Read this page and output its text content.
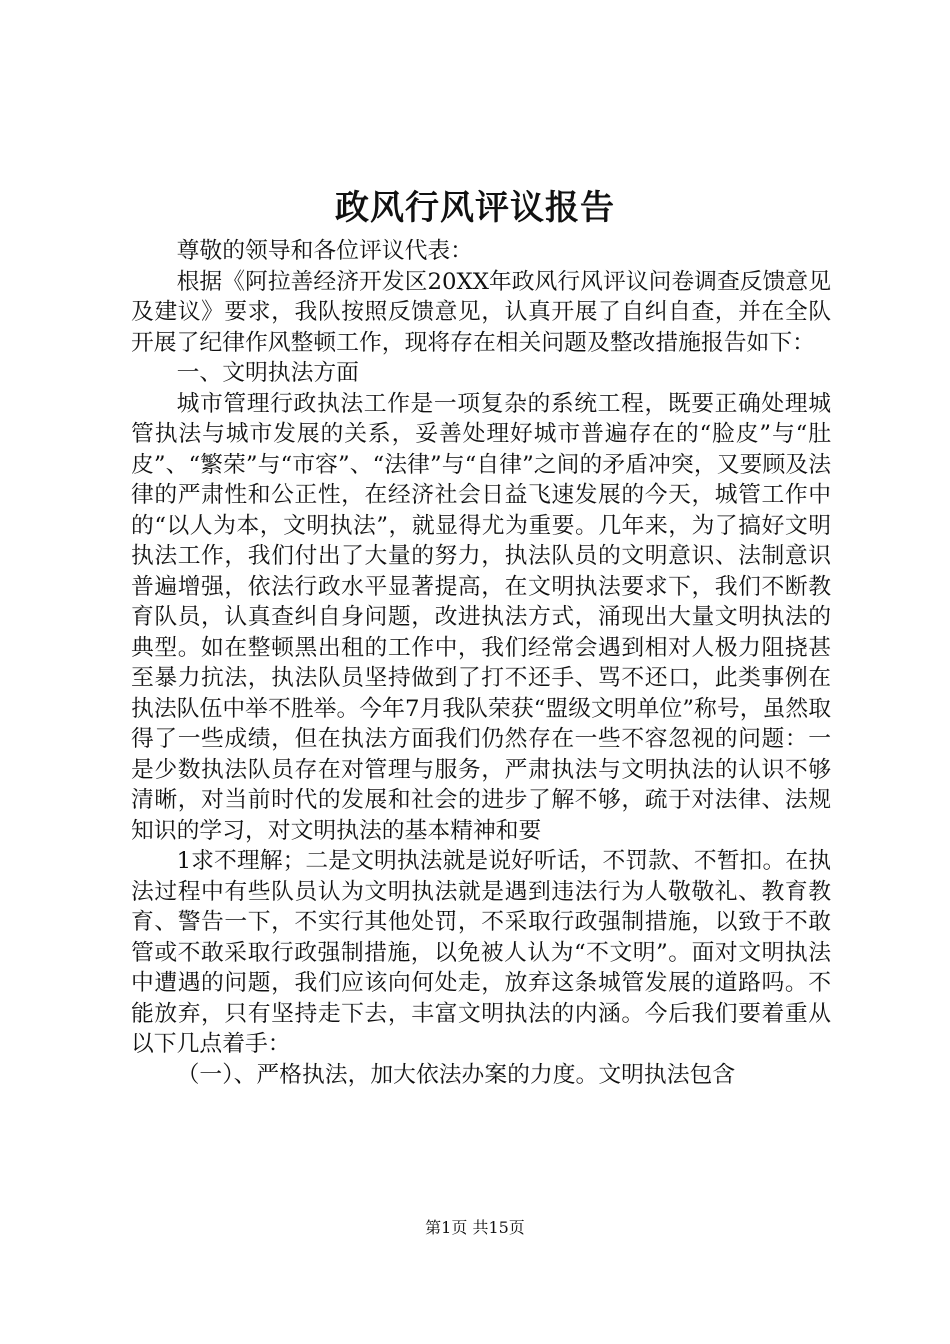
政风行风评议报告

尊敬的领导和各位评议代表：

根据《阿拉善经济开发区20XX年政风行风评议问卷调查反馈意见及建议》要求，我队按照反馈意见，认真开展了自纠自查，并在全队开展了纪律作风整顿工作，现将存在相关问题及整改措施报告如下：

一、文明执法方面

城市管理行政执法工作是一项复杂的系统工程，既要正确处理城管执法与城市发展的关系，妥善处理好城市普遍存在的“脸皮”与“肚皮”、“繁荣”与“市容”、“法律”与“自律”之间的矛盾冲突，又要顾及法律的严肃性和公正性，在经济社会日益飞速发展的今天，城管工作中的“以人为本，文明执法”，就显得尤为重要。几年来，为了搞好文明执法工作，我们付出了大量的努力，执法队员的文明意识、法制意识普遍增强，依法行政水平显著提高，在文明执法要求下，我们不断教育队员，认真查纠自身问题，改进执法方式，涌现出大量文明执法的典型。如在整顿黑出租的工作中，我们经常会遇到相对人极力阻挠甚至暴力抗法，执法队员坚持做到了打不还手、骂不还口，此类事例在执法队伍中举不胜举。今年7月我队荣获“盟级文明单位”称号，虽然取得了一些成绩，但在执法方面我们仍然存在一些不容忽视的问题：一是少数执法队员存在对管理与服务，严肃执法与文明执法的认识不够清晰，对当前时代的发展和社会的进步了解不够，疏于对法律、法规知识的学习，对文明执法的基本精神和要

1求不理解；二是文明执法就是说好听话，不罚款、不暂扣。在执法过程中有些队员认为文明执法就是遇到违法行为人敬敬礼、教育教育、警告一下，不实行其他处罚，不采取行政强制措施，以致于不敢管或不敢采取行政强制措施，以免被人认为“不文明”。面对文明执法中遭遇的问题，我们应该向何处走，放弃这条城管发展的道路吗。不能放弃，只有坚持走下去，丰富文明执法的内涵。今后我们要着重从以下几点着手：

（一）、严格执法，加大依法办案的力度。文明执法包含

第1页 共15页
